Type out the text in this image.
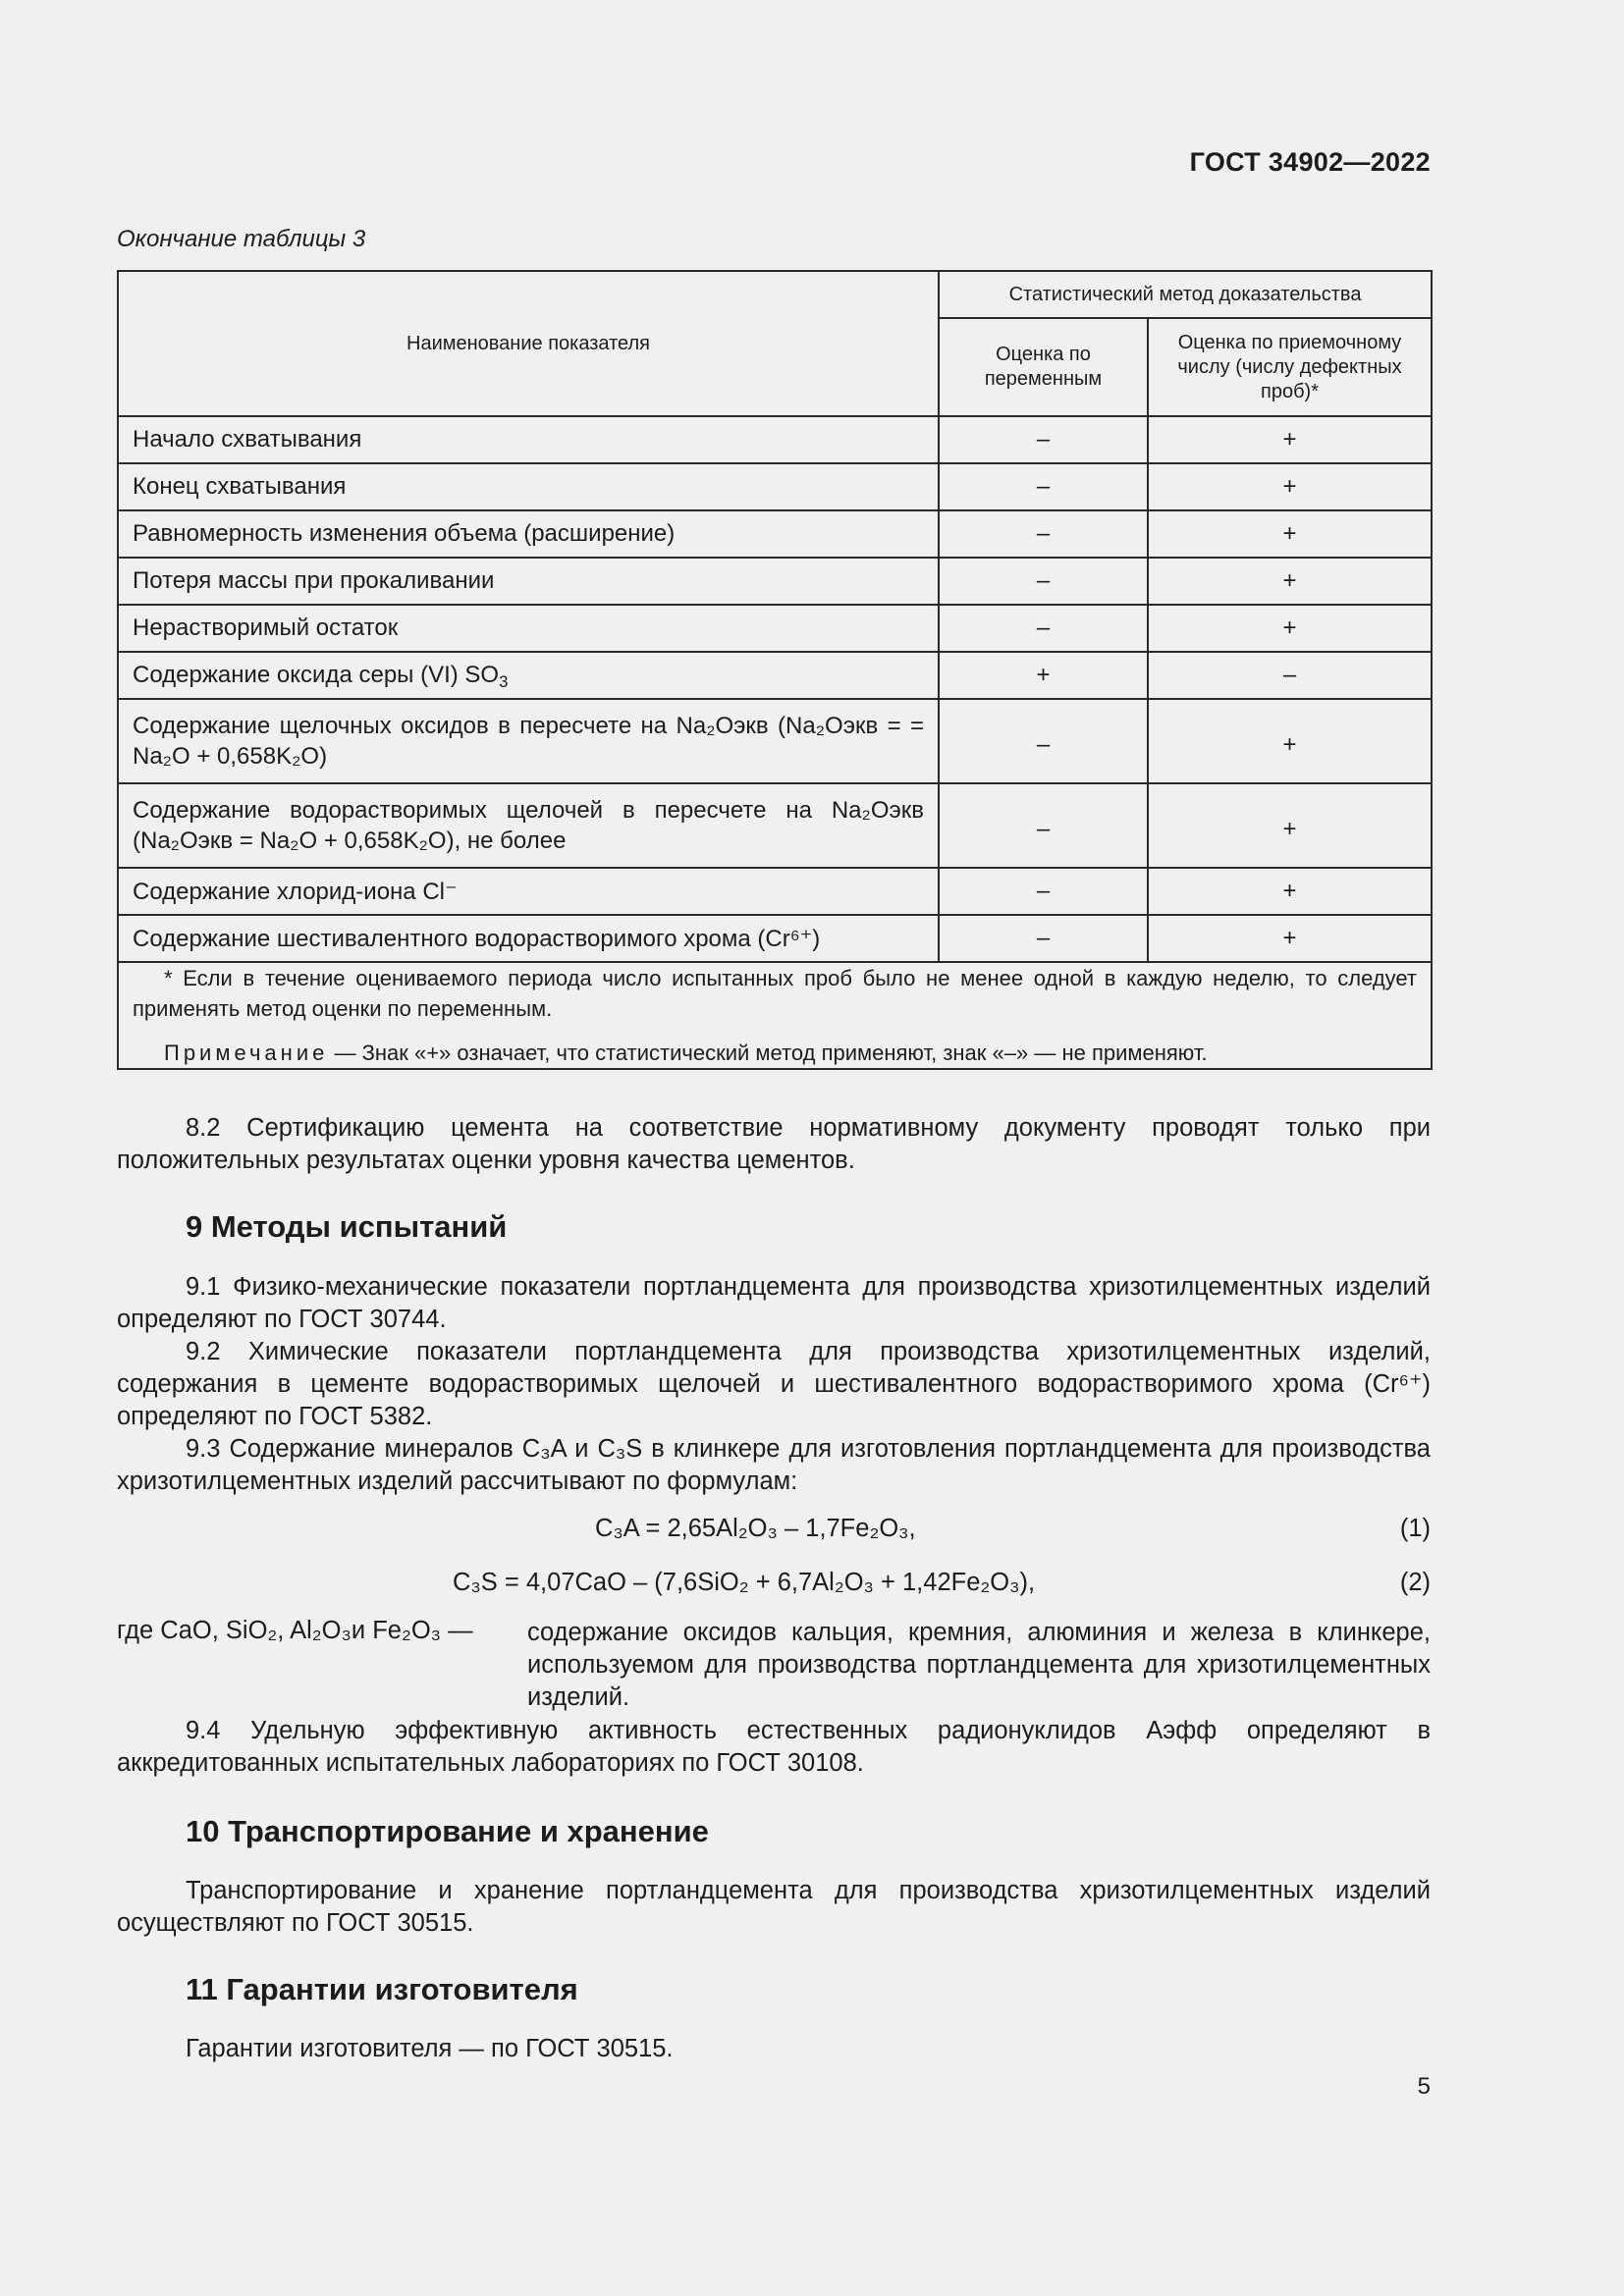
ГОСТ 34902—2022
Окончание таблицы 3
Наименование показателя	Статистический метод доказательства	
	Оценка по переменным	Оценка по приемочному числу (числу дефектных проб)*
Начало схватывания	–	+
Конец схватывания	–	+
Равномерность изменения объема (расширение)	–	+
Потеря массы при прокаливании	–	+
Нерастворимый остаток	–	+
Содержание оксида серы (VI) $SO_3$	+	–
Содержание щелочных оксидов в пересчете на Na₂Oэкв (Na₂Oэкв = = Na₂O + 0,658K₂O)	–	+
Содержание водорастворимых щелочей в пересчете на Na₂Oэкв (Na₂Oэкв = Na₂O + 0,658K₂O), не более	–	+
Содержание хлорид-иона Cl⁻	–	+
Содержание шестивалентного водорастворимого хрома (Cr⁶⁺)	–	+

* Если в течение оцениваемого периода число испытанных проб было не менее одной в каждую неделю, то следует применять метод оценки по переменным.

Примечание — Знак «+» означает, что статистический метод применяют, знак «–» — не применяют.		

8.2 Сертификацию цемента на соответствие нормативному документу проводят только при положительных результатах оценки уровня качества цементов.
9 Методы испытаний
9.1 Физико-механические показатели портландцемента для производства хризотилцементных изделий определяют по ГОСТ 30744.
9.2 Химические показатели портландцемента для производства хризотилцементных изделий, содержания в цементе водорастворимых щелочей и шестивалентного водорастворимого хрома (Cr⁶⁺) определяют по ГОСТ 5382.
9.3 Содержание минералов C₃A и C₃S в клинкере для изготовления портландцемента для производства хризотилцементных изделий рассчитывают по формулам:
C₃A = 2,65Al₂O₃ – 1,7Fe₂O₃,	(1)
C₃S = 4,07CaO – (7,6SiO₂ + 6,7Al₂O₃ + 1,42Fe₂O₃),	(2)
где CaO, SiO₂, Al₂O₃и Fe₂O₃ — содержание оксидов кальция, кремния, алюминия и железа в клинкере, используемом для производства портландцемента для хризотилцементных изделий.
9.4 Удельную эффективную активность естественных радионуклидов Aэфф определяют в аккредитованных испытательных лабораториях по ГОСТ 30108.
10 Транспортирование и хранение
Транспортирование и хранение портландцемента для производства хризотилцементных изделий осуществляют по ГОСТ 30515.
11 Гарантии изготовителя
Гарантии изготовителя — по ГОСТ 30515.
5
